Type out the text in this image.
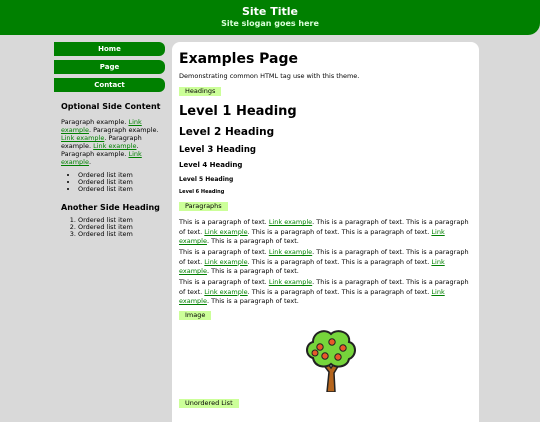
Site Title
Site slogan goes here
Home
Page
Contact
Optional Side Content
Paragraph example. Link example. Paragraph example. Link example. Paragraph example. Link example. Paragraph example. Link example.
• Ordered list item
• Ordered list item
• Ordered list item
Another Side Heading
1. Ordered list item
2. Ordered list item
3. Ordered list item
Examples Page
Demonstrating common HTML tag use with this theme.
Headings
Level 1 Heading
Level 2 Heading
Level 3 Heading
Level 4 Heading
Level 5 Heading
Level 6 Heading
Paragraphs

This is a paragraph of text. Link example. This is a paragraph of text. This is a paragraph of text. Link example. This is a paragraph of text. This is a paragraph of text. Link example. This is a paragraph of text.

This is a paragraph of text. Link example. This is a paragraph of text. This is a paragraph of text. Link example. This is a paragraph of text. This is a paragraph of text. Link example. This is a paragraph of text.

This is a paragraph of text. Link example. This is a paragraph of text. This is a paragraph of text. Link example. This is a paragraph of text. This is a paragraph of text. Link example. This is a paragraph of text.

Image
Unordered List
